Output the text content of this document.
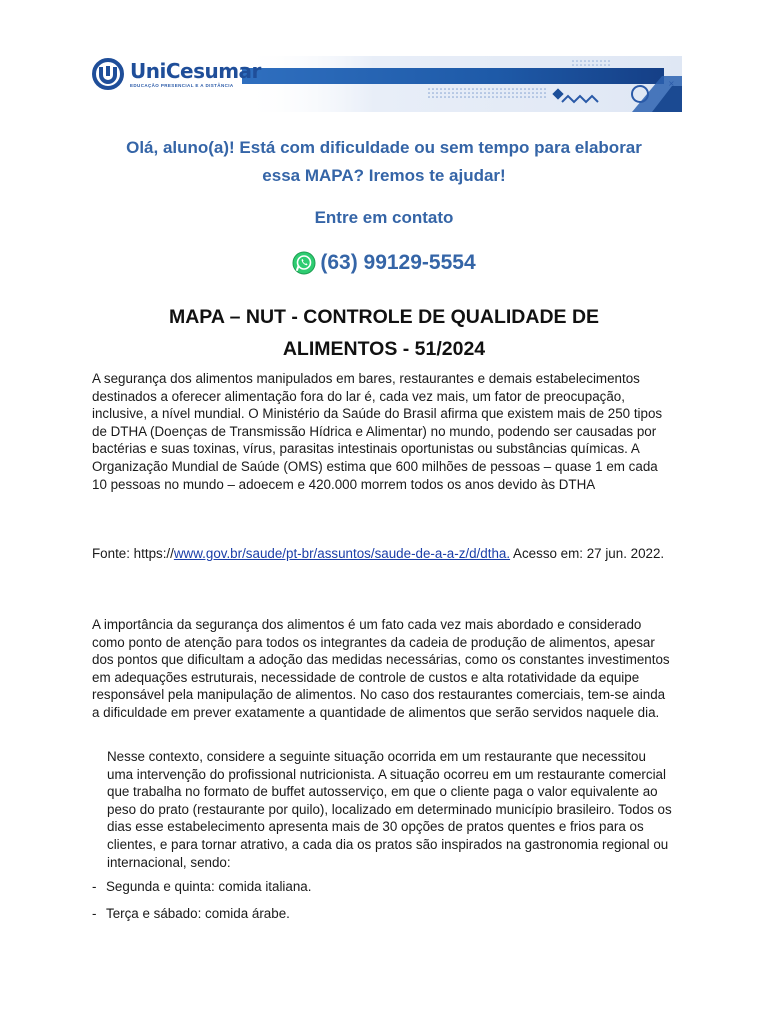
×
UniCesumar
EDUCAÇÃO PRESENCIAL E A DISTÂNCIA
Olá, aluno(a)! Está com dificuldade ou sem tempo para elaborar
essa MAPA? Iremos te ajudar!
Entre em contato
(63) 99129-5554
MAPA – NUT - CONTROLE DE QUALIDADE DE
ALIMENTOS - 51/2024
A segurança dos alimentos manipulados em bares, restaurantes e demais estabelecimentos destinados a oferecer alimentação fora do lar é, cada vez mais, um fator de preocupação, inclusive, a nível mundial. O Ministério da Saúde do Brasil afirma que existem mais de 250 tipos de DTHA (Doenças de Transmissão Hídrica e Alimentar) no mundo, podendo ser causadas por bactérias e suas toxinas, vírus, parasitas intestinais oportunistas ou substâncias químicas. A Organização Mundial de Saúde (OMS) estima que 600 milhões de pessoas – quase 1 em cada 10 pessoas no mundo – adoecem e 420.000 morrem todos os anos devido às DTHA
Fonte: https://www.gov.br/saude/pt-br/assuntos/saude-de-a-a-z/d/dtha. Acesso em: 27 jun. 2022.
A importância da segurança dos alimentos é um fato cada vez mais abordado e considerado como ponto de atenção para todos os integrantes da cadeia de produção de alimentos, apesar dos pontos que dificultam a adoção das medidas necessárias, como os constantes investimentos em adequações estruturais, necessidade de controle de custos e alta rotatividade da equipe responsável pela manipulação de alimentos. No caso dos restaurantes comerciais, tem-se ainda a dificuldade em prever exatamente a quantidade de alimentos que serão servidos naquele dia.
Nesse contexto, considere a seguinte situação ocorrida em um restaurante que necessitou uma intervenção do profissional nutricionista. A situação ocorreu em um restaurante comercial que trabalha no formato de buffet autosserviço, em que o cliente paga o valor equivalente ao peso do prato (restaurante por quilo), localizado em determinado município brasileiro. Todos os dias esse estabelecimento apresenta mais de 30 opções de pratos quentes e frios para os clientes, e para tornar atrativo, a cada dia os pratos são inspirados na gastronomia regional ou internacional, sendo:
- Segunda e quinta: comida italiana.
- Terça e sábado: comida árabe.
